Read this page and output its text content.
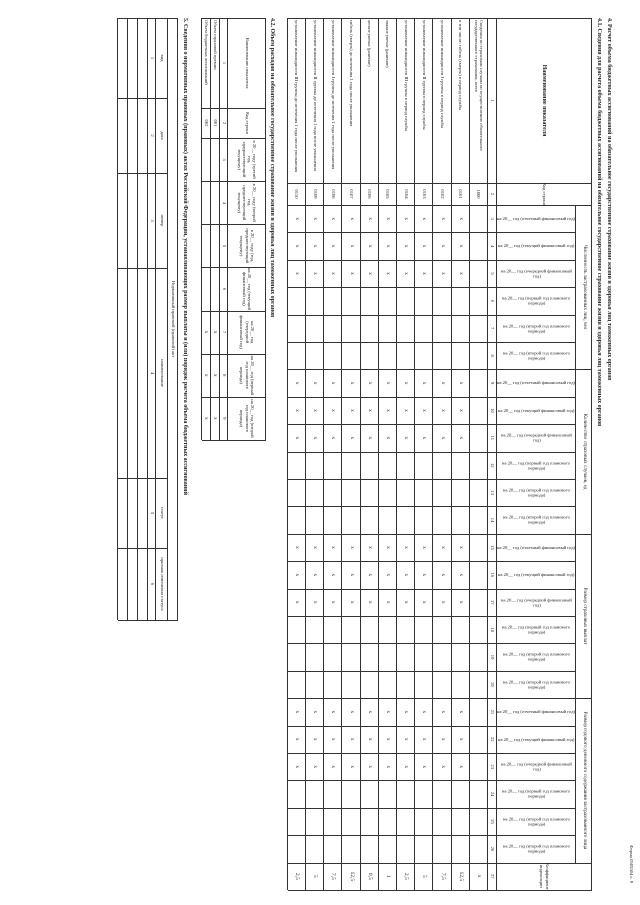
Форма 0505504 с. 9
4. Расчет объема бюджетных ассигнований на обязательное государственное страхование жизни и здоровья лиц таможенных органов
4.1. Сведения для расчета объема бюджетных ассигнований на обязательное государственное страхование жизни и здоровья лиц таможенных органов
Наименование показателя
Код строки
Численность застрахованных лиц, чел
Количество страховых случаев, ед
Размер страховых выплат
Размер годового денежного содержания застрахованного лица
Коэффициент индексации
на 20__ год (отчетный финансовый год)
на 20__ год (текущий финансовый год)
на 20__ год (очередной финансовый год)
на 20__ год (первый год планового периода)
на 20__ год (второй год планового периода)
на 20__ год (второй год планового периода)
на 20__ год (отчетный финансовый год)
на 20__ год (текущий финансовый год)
на 20__ год (очередной финансовый год)
на 20__ год (первый год планового периода)
на 20__ год (второй год планового периода)
на 20__ год (второй год планового периода)
на 20__ год (отчетный финансовый год)
на 20__ год (текущий финансовый год)
на 20__ год (очередной финансовый год)
на 20__ год (первый год планового периода)
на 20__ год (второй год планового периода)
на 20__ год (второй год планового периода)
на 20__ год (отчетный финансовый год)
на 20__ год (текущий финансовый год)
на 20__ год (очередной финансовый год)
на 20__ год (первый год планового периода)
на 20__ год (второй год планового периода)
на 20__ год (второй год планового периода)
1
2
3
4
5
6
7
8
9
10
11
12
13
14
15
16
17
18
19
20
21
22
23
24
25
26
27
Сведения по страховым случаям по осуществлению обязательного государственного страхования, всего
1000
x
в том числе: гибель (смерть) в период службы
0101
x
x
x
x
x
x
x
x
x
x
x
x
12,5
установление инвалидности I группы в период службы
0102
x
x
x
x
x
x
x
x
x
x
x
x
7,5
установление инвалидности II группы в период службы
0103
x
x
x
x
x
x
x
x
x
x
x
x
5
установление инвалидности III группы в период службы
0104
x
x
x
x
x
x
x
x
x
x
x
x
2,5
тяжкое увечье (ранение)
0105
x
x
x
x
x
x
x
x
x
x
x
x
1
легкое увечье (ранение)
0106
x
x
x
x
x
x
x
x
x
x
x
x
0,5
гибель (смерть) до истечения 1 года после увольнения
0107
x
x
x
x
x
x
x
x
x
x
x
x
12,5
установление инвалидности I группы до истечения 1 года после увольнения
0108
x
x
x
x
x
x
x
x
x
x
x
x
7,5
установление инвалидности II группы до истечения 1 года после увольнения
0109
x
x
x
x
x
x
x
x
x
x
x
x
5
установление инвалидности III группы до истечения 1 года после увольнения
0110
x
x
x
x
x
x
x
x
x
x
x
x
2,5
4.2. Объем расходов на обязательное государственное страхование жизни и здоровья лиц таможенных органов
Наименование показателя
Код строки
в 20__ году (третий год, предшествующий текущему)
в 20__ году (второй год, предшествующий текущему)
в 20__ году (год, предшествующий текущему)
на 20__ год (текущий финансовый год)
на 20__ год (очередной финансовый год)
на 20__ год (первый год планового периода)
на 20__ год (второй год планового периода)
1
2
3
4
5
6
7
8
9
Объем страховой премии
001
x
x
x
Объем бюджетных ассигнований
002
x
x
x
5. Сведения о нормативных правовых (правовых) актах Российской Федерации, устанавливающих размер выплаты и (или) порядок расчета объема бюджетных ассигнований
Нормативный правовой (правовой) акт
вид
1
дата
2
номер
3
наименование
4
статус
5
признак изменения статуса
6
